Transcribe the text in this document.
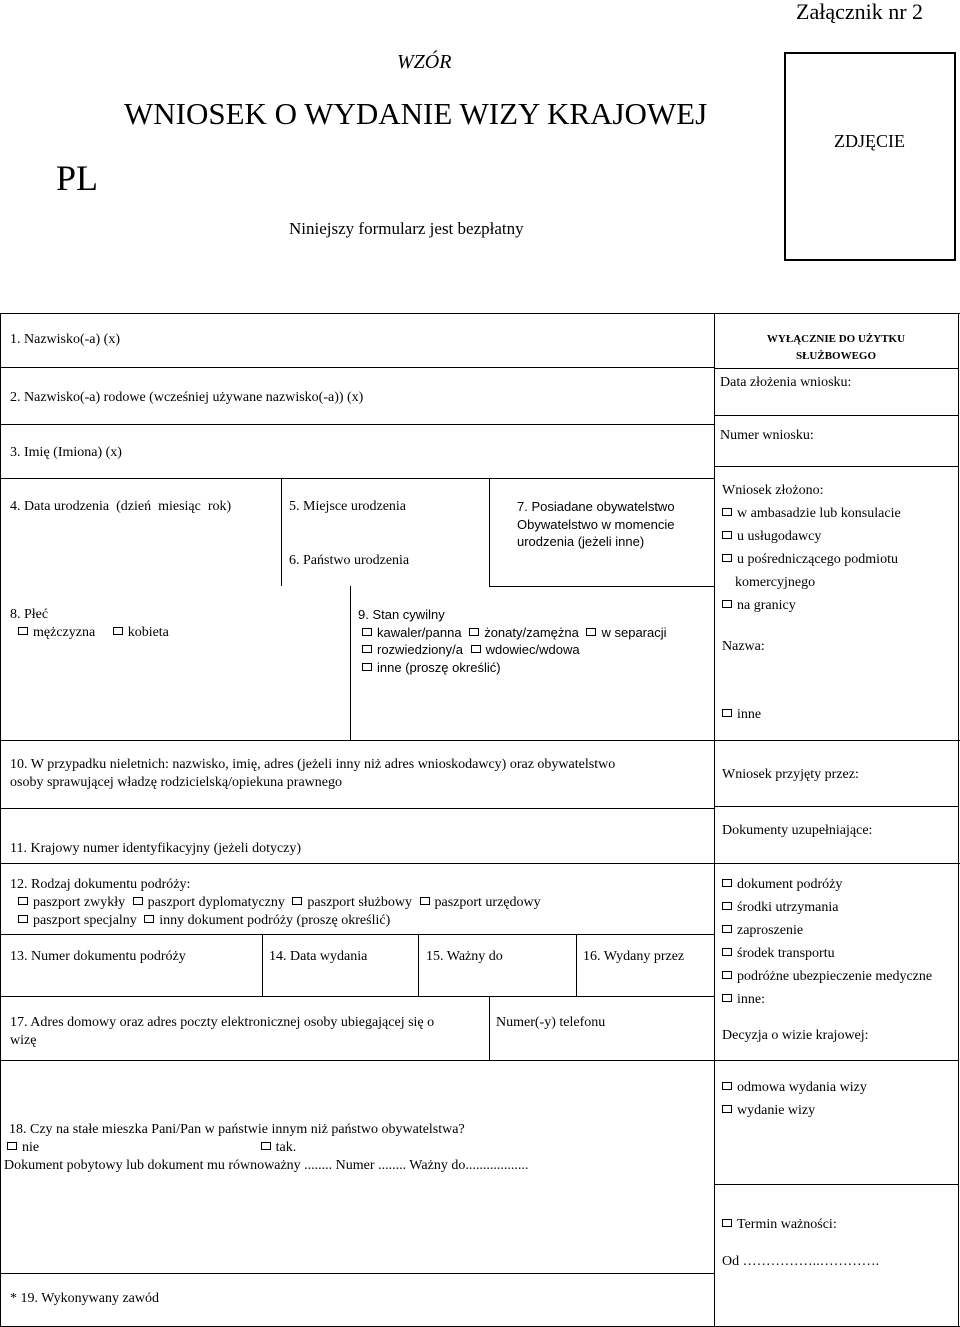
Załącznik nr 2
WZÓR
WNIOSEK O WYDANIE WIZY KRAJOWEJ
PL
Niniejszy formularz jest bezpłatny
ZDJĘCIE
1. Nazwisko(-a) (x)
2. Nazwisko(-a) rodowe (wcześniej używane nazwisko(-a)) (x)
3. Imię (Imiona) (x)
4. Data urodzenia  (dzień  miesiąc  rok)	5. Miejsce urodzenia
6. Państwo urodzenia
7. Posiadane obywatelstwo
Obywatelstwo w momencie
urodzenia (jeżeli inne)
8. Płeć
mężczyzna kobieta
9. Stan cywilny
kawaler/panna żonaty/zamężna w separacji
rozwiedziony/a wdowiec/wdowa
inne (proszę określić)
10. W przypadku nieletnich: nazwisko, imię, adres (jeżeli inny niż adres wnioskodawcy) oraz obywatelstwo
osoby sprawującej władzę rodzicielską/opiekuna prawnego
11. Krajowy numer identyfikacyjny (jeżeli dotyczy)
12. Rodzaj dokumentu podróży:
paszport zwykły paszport dyplomatyczny paszport służbowy paszport urzędowy
paszport specjalny inny dokument podróży (proszę określić)
13. Numer dokumentu podróży	14. Data wydania	15. Ważny do	16. Wydany przez
17. Adres domowy oraz adres poczty elektronicznej osoby ubiegającej się o
wizę
Numer(-y) telefonu
18. Czy na stałe mieszka Pani/Pan w państwie innym niż państwo obywatelstwa?
nie	tak.
Dokument pobytowy lub dokument mu równoważny ........ Numer ........ Ważny do..................
* 19. Wykonywany zawód
WYŁĄCZNIE DO UŻYTKU
SŁUŻBOWEGO
Data złożenia wniosku:
Numer wniosku:
Wniosek złożono:
w ambasadzie lub konsulacie
u usługodawcy
u pośredniczącego podmiotu
komercyjnego
na granicy
Nazwa:
inne
Wniosek przyjęty przez:
Dokumenty uzupełniające:
dokument podróży
środki utrzymania
zaproszenie
środek transportu
podróżne ubezpieczenie medyczne
inne:
Decyzja o wizie krajowej:
odmowa wydania wizy
wydanie wizy
Termin ważności:
Od ……………..………….
